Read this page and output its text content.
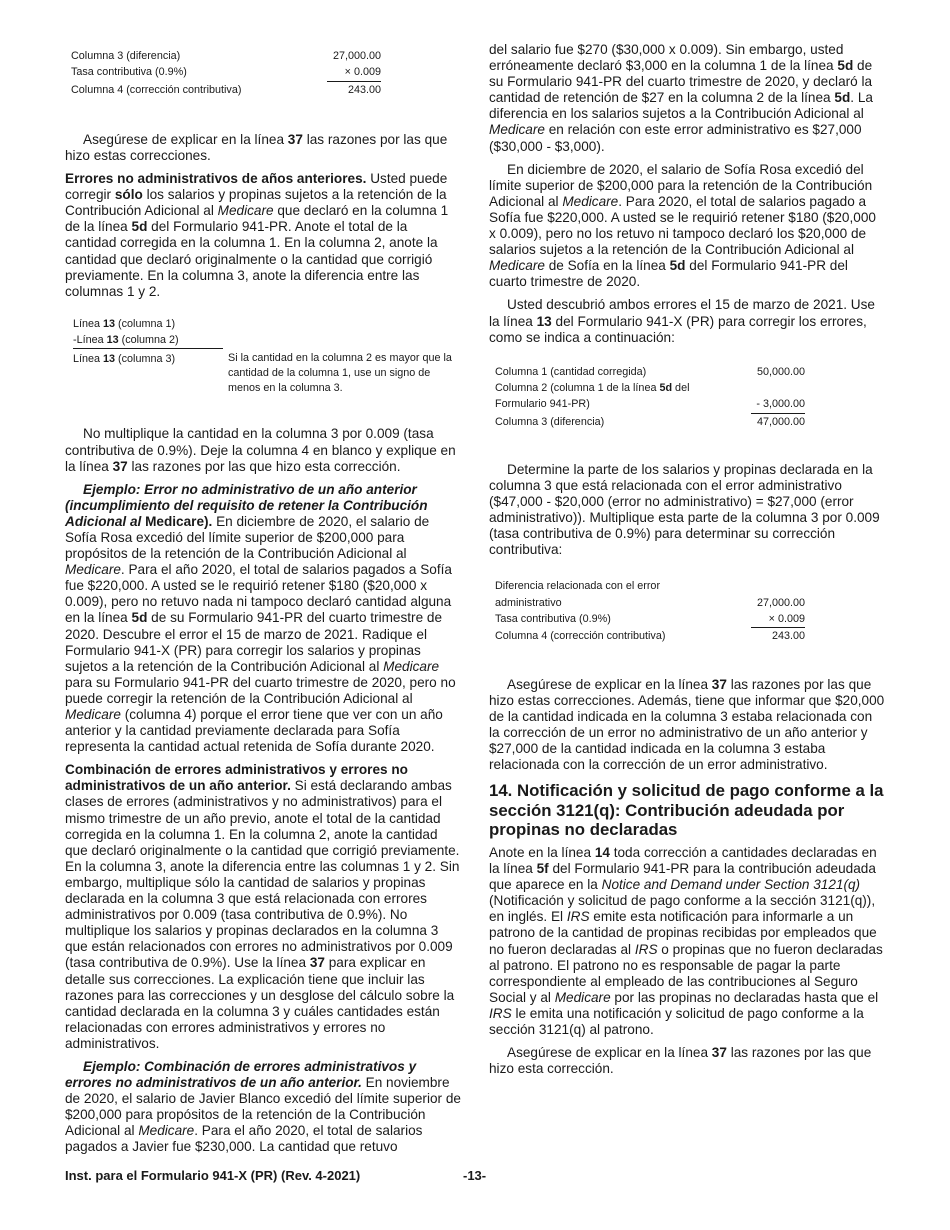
Columna 3 (diferencia)	27,000.00
Tasa contributiva (0.9%)	× 0.009
Columna 4 (corrección contributiva)	243.00

Asegúrese de explicar en la línea 37 las razones por las que hizo estas correcciones.

Errores no administrativos de años anteriores. Usted puede corregir sólo los salarios y propinas sujetos a la retención de la Contribución Adicional al Medicare que declaró en la columna 1 de la línea 5d del Formulario 941-PR. Anote el total de la cantidad corregida en la columna 1. En la columna 2, anote la cantidad que declaró originalmente o la cantidad que corrigió previamente. En la columna 3, anote la diferencia entre las columnas 1 y 2.

Línea 13 (columna 1)
-Línea 13 (columna 2)
Línea 13 (columna 3)	Si la cantidad en la columna 2 es mayor que la cantidad de la columna 1, use un signo de menos en la columna 3.

No multiplique la cantidad en la columna 3 por 0.009 (tasa contributiva de 0.9%). Deje la columna 4 en blanco y explique en la línea 37 las razones por las que hizo esta corrección.

Ejemplo: Error no administrativo de un año anterior (incumplimiento del requisito de retener la Contribución Adicional al Medicare). En diciembre de 2020, el salario de Sofía Rosa excedió del límite superior de $200,000 para propósitos de la retención de la Contribución Adicional al Medicare. Para el año 2020, el total de salarios pagados a Sofía fue $220,000. A usted se le requirió retener $180 ($20,000 x 0.009), pero no retuvo nada ni tampoco declaró cantidad alguna en la línea 5d de su Formulario 941-PR del cuarto trimestre de 2020. Descubre el error el 15 de marzo de 2021. Radique el Formulario 941-X (PR) para corregir los salarios y propinas sujetos a la retención de la Contribución Adicional al Medicare para su Formulario 941-PR del cuarto trimestre de 2020, pero no puede corregir la retención de la Contribución Adicional al Medicare (columna 4) porque el error tiene que ver con un año anterior y la cantidad previamente declarada para Sofía representa la cantidad actual retenida de Sofía durante 2020.

Combinación de errores administrativos y errores no administrativos de un año anterior. Si está declarando ambas clases de errores (administrativos y no administrativos) para el mismo trimestre de un año previo, anote el total de la cantidad corregida en la columna 1. En la columna 2, anote la cantidad que declaró originalmente o la cantidad que corrigió previamente. En la columna 3, anote la diferencia entre las columnas 1 y 2. Sin embargo, multiplique sólo la cantidad de salarios y propinas declarada en la columna 3 que está relacionada con errores administrativos por 0.009 (tasa contributiva de 0.9%). No multiplique los salarios y propinas declarados en la columna 3 que están relacionados con errores no administrativos por 0.009 (tasa contributiva de 0.9%). Use la línea 37 para explicar en detalle sus correcciones. La explicación tiene que incluir las razones para las correcciones y un desglose del cálculo sobre la cantidad declarada en la columna 3 y cuáles cantidades están relacionadas con errores administrativos y errores no administrativos.

Ejemplo: Combinación de errores administrativos y errores no administrativos de un año anterior. En noviembre de 2020, el salario de Javier Blanco excedió del límite superior de $200,000 para propósitos de la retención de la Contribución Adicional al Medicare. Para el año 2020, el total de salarios pagados a Javier fue $230,000. La cantidad que retuvo

del salario fue $270 ($30,000 x 0.009). Sin embargo, usted erróneamente declaró $3,000 en la columna 1 de la línea 5d de su Formulario 941-PR del cuarto trimestre de 2020, y declaró la cantidad de retención de $27 en la columna 2 de la línea 5d. La diferencia en los salarios sujetos a la Contribución Adicional al Medicare en relación con este error administrativo es $27,000 ($30,000 - $3,000).

En diciembre de 2020, el salario de Sofía Rosa excedió del límite superior de $200,000 para la retención de la Contribución Adicional al Medicare. Para 2020, el total de salarios pagado a Sofía fue $220,000. A usted se le requirió retener $180 ($20,000 x 0.009), pero no los retuvo ni tampoco declaró los $20,000 de salarios sujetos a la retención de la Contribución Adicional al Medicare de Sofía en la línea 5d del Formulario 941-PR del cuarto trimestre de 2020.

Usted descubrió ambos errores el 15 de marzo de 2021. Use la línea 13 del Formulario 941-X (PR) para corregir los errores, como se indica a continuación:

Columna 1 (cantidad corregida)	50,000.00
Columna 2 (columna 1 de la línea 5d del
Formulario 941-PR)	- 3,000.00
Columna 3 (diferencia)	47,000.00

Determine la parte de los salarios y propinas declarada en la columna 3 que está relacionada con el error administrativo ($47,000 - $20,000 (error no administrativo) = $27,000 (error administrativo)). Multiplique esta parte de la columna 3 por 0.009 (tasa contributiva de 0.9%) para determinar su corrección contributiva:

Diferencia relacionada con el error
administrativo	27,000.00
Tasa contributiva (0.9%)	× 0.009
Columna 4 (corrección contributiva)	243.00

Asegúrese de explicar en la línea 37 las razones por las que hizo estas correcciones. Además, tiene que informar que $20,000 de la cantidad indicada en la columna 3 estaba relacionada con la corrección de un error no administrativo de un año anterior y $27,000 de la cantidad indicada en la columna 3 estaba relacionada con la corrección de un error administrativo.

14. Notificación y solicitud de pago conforme a la sección 3121(q): Contribución adeudada por propinas no declaradas

Anote en la línea 14 toda corrección a cantidades declaradas en la línea 5f del Formulario 941-PR para la contribución adeudada que aparece en la Notice and Demand under Section 3121(q) (Notificación y solicitud de pago conforme a la sección 3121(q)), en inglés. El IRS emite esta notificación para informarle a un patrono de la cantidad de propinas recibidas por empleados que no fueron declaradas al IRS o propinas que no fueron declaradas al patrono. El patrono no es responsable de pagar la parte correspondiente al empleado de las contribuciones al Seguro Social y al Medicare por las propinas no declaradas hasta que el IRS le emita una notificación y solicitud de pago conforme a la sección 3121(q) al patrono.

Asegúrese de explicar en la línea 37 las razones por las que hizo esta corrección.

Inst. para el Formulario 941-X (PR) (Rev. 4-2021)	-13-
